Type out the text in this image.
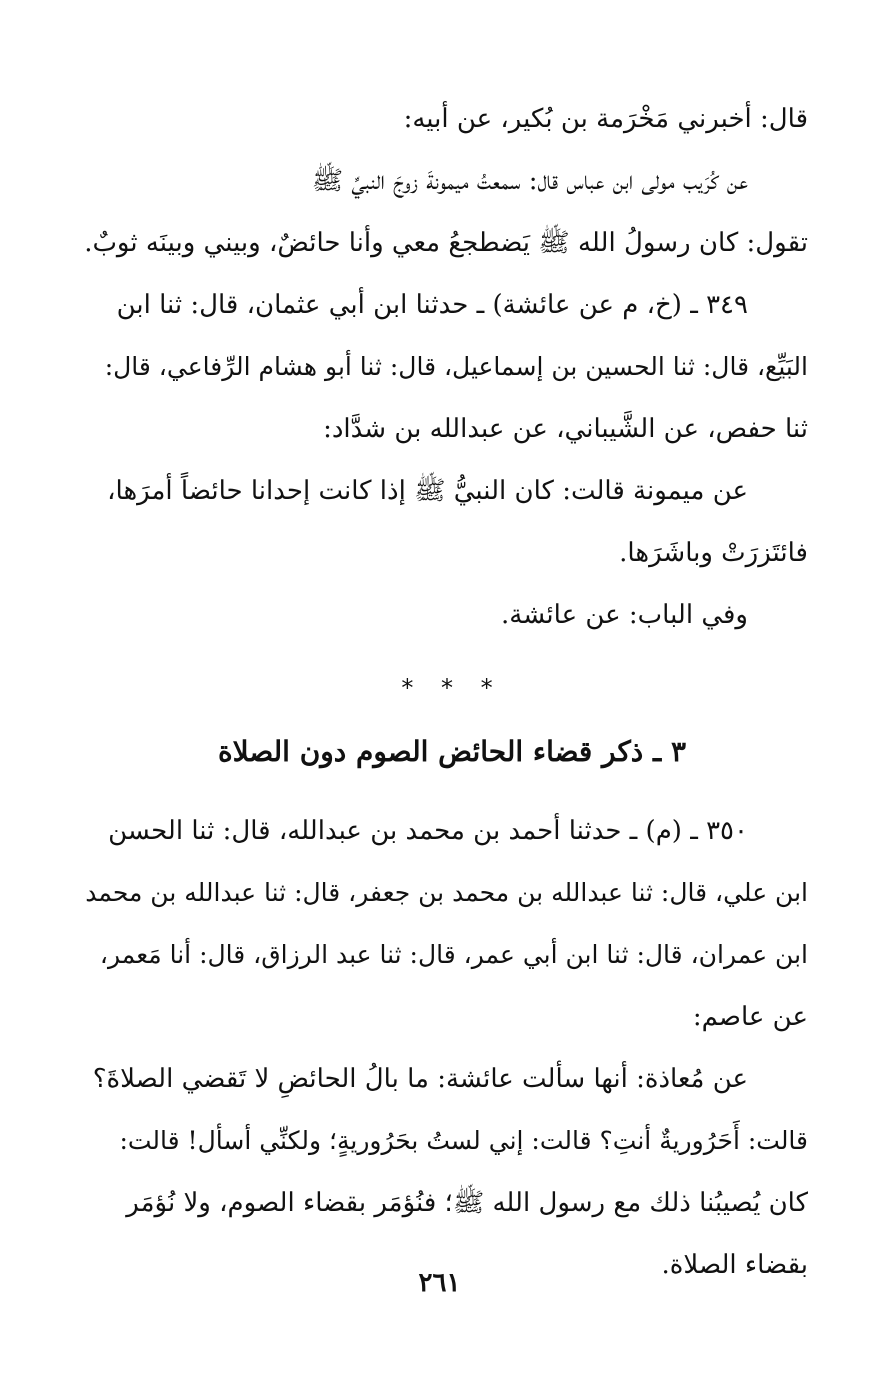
قال: أخبرني مَخْرَمة بن بُكير، عن أبيه:
عن كُرَيب مولى ابن عباس قال: سمعتُ ميمونةَ زوجَ النبيِّ ﷺ
تقول: كان رسولُ الله ﷺ يَضطجعُ معي وأنا حائضٌ، وبيني وبينَه ثوبٌ.
٣٤٩ ـ (خ، م عن عائشة) ـ حدثنا ابن أبي عثمان، قال: ثنا ابن
البَيِّع، قال: ثنا الحسين بن إسماعيل، قال: ثنا أبو هشام الرِّفاعي، قال:
ثنا حفص، عن الشَّيباني، عن عبدالله بن شدَّاد:
عن ميمونة قالت: كان النبيُّ ﷺ إذا كانت إحدانا حائضاً أمرَها،
فائتَزرَتْ وباشَرَها.
وفي الباب: عن عائشة.
* * *
٣ ـ ذكر قضاء الحائض الصوم دون الصلاة
٣٥٠ ـ (م) ـ حدثنا أحمد بن محمد بن عبدالله، قال: ثنا الحسن
ابن علي، قال: ثنا عبدالله بن محمد بن جعفر، قال: ثنا عبدالله بن محمد
ابن عمران، قال: ثنا ابن أبي عمر، قال: ثنا عبد الرزاق، قال: أنا مَعمر،
عن عاصم:
عن مُعاذة: أنها سألت عائشة: ما بالُ الحائضِ لا تَقضي الصلاةَ؟
قالت: أَحَرُوريةٌ أنتِ؟ قالت: إني لستُ بحَرُوريةٍ؛ ولكنِّي أسأل! قالت:
كان يُصيبُنا ذلك مع رسول الله ﷺ؛ فنُؤمَر بقضاء الصوم، ولا نُؤمَر
بقضاء الصلاة.
٢٦١
